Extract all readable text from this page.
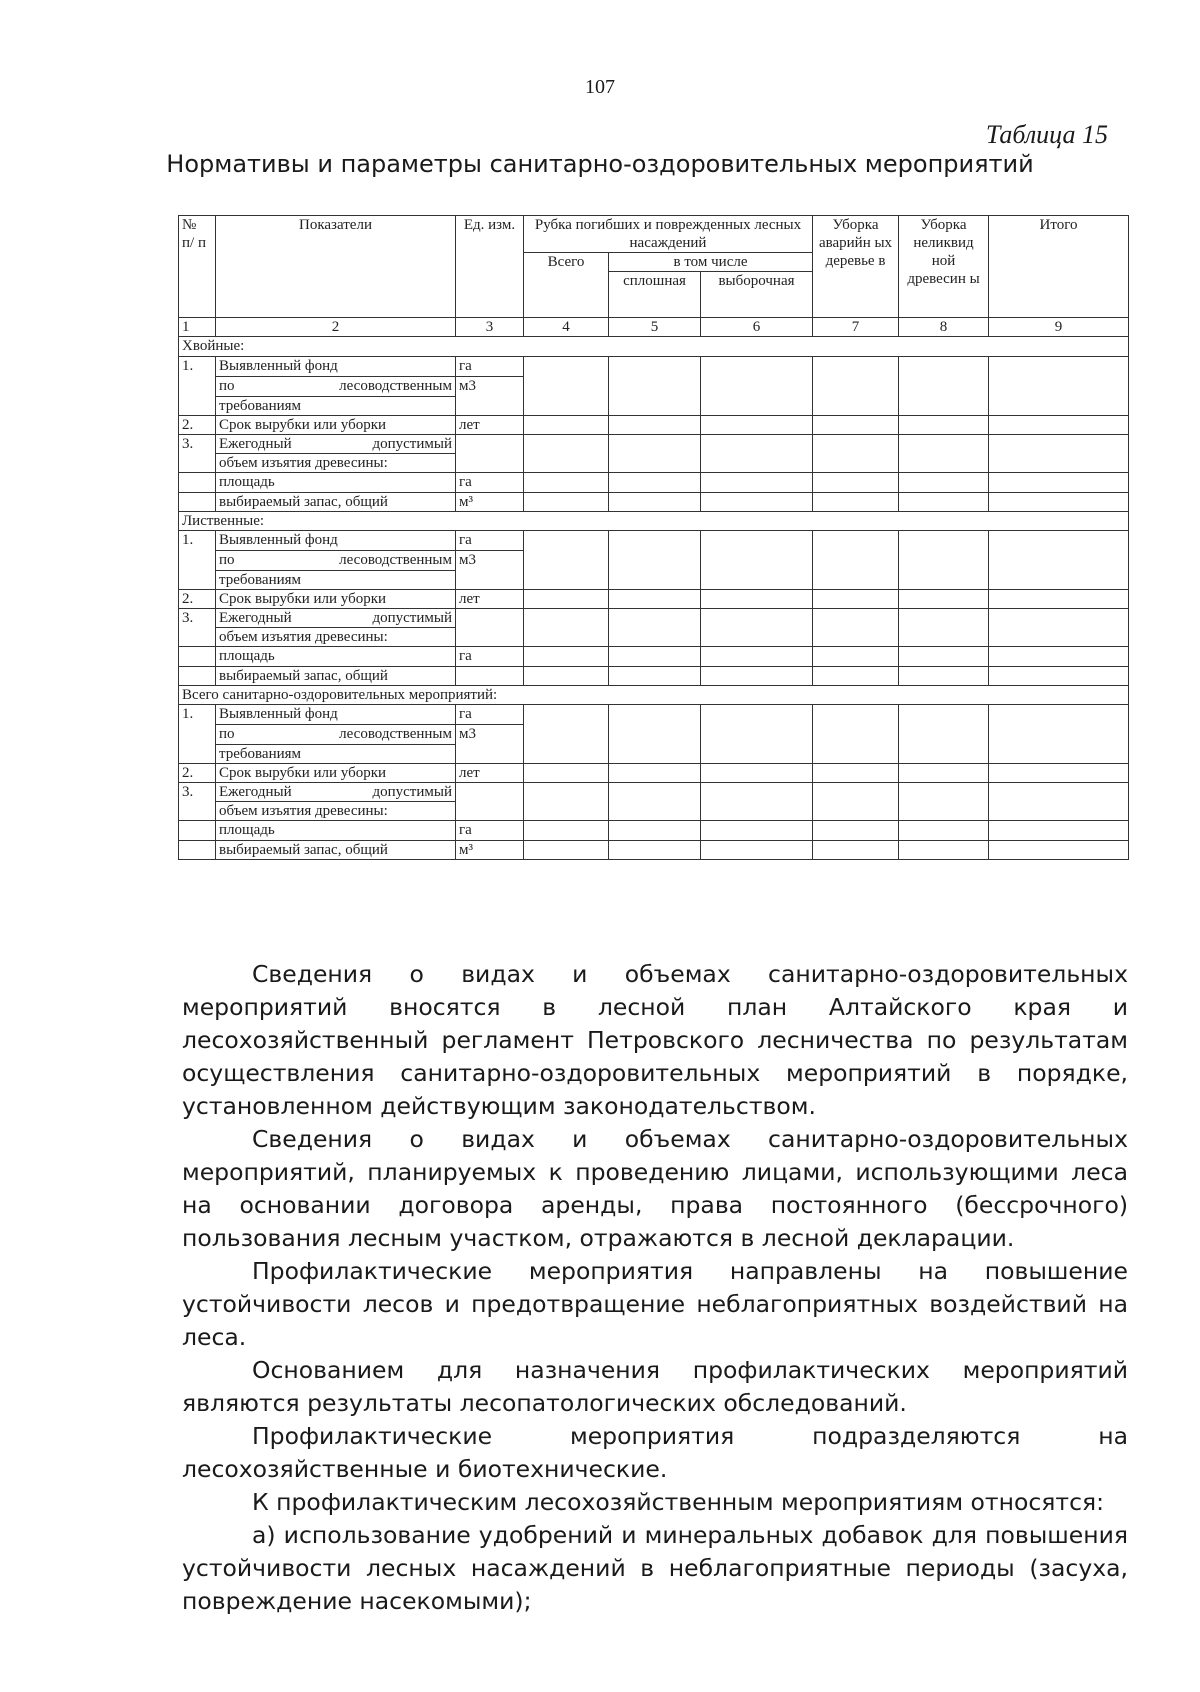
107
Таблица 15
Нормативы и параметры санитарно-оздоровительных мероприятий
№ п/ п	Показатели	Ед. изм.	Рубка погибших и поврежденных лесных насаждений			Уборка аварийн ых деревье в	Уборка неликвид ной древесин ы	Итого
			Всего	в том числе				
				сплошная	выборочная			
1	2	3	4	5	6	7	8	9
Хвойные:								
1.	Выявленный фонд	га						
	по лесоводственным	м3						
	требованиям							
2.	Срок вырубки или уборки	лет						
3.	Ежегодный допустимый							
	объем изъятия древесины:							
	площадь	га						
	выбираемый запас, общий	м³						
Лиственные:								
1.	Выявленный фонд	га						
	по лесоводственным	м3						
	требованиям							
2.	Срок вырубки или уборки	лет						
3.	Ежегодный допустимый							
	объем изъятия древесины:							
	площадь	га						
	выбираемый запас, общий							
Всего санитарно-оздоровительных мероприятий:								
1.	Выявленный фонд	га						
	по лесоводственным	м3						
	требованиям							
2.	Срок вырубки или уборки	лет						
3.	Ежегодный допустимый							
	объем изъятия древесины:							
	площадь	га						
	выбираемый запас, общий	м³						

Сведения о видах и объемах санитарно-оздоровительных мероприятий вносятся в лесной план Алтайского края и лесохозяйственный регламент Петровского лесничества по результатам осуществления санитарно-оздоровительных мероприятий в порядке, установленном действующим законодательством.

Сведения о видах и объемах санитарно-оздоровительных мероприятий, планируемых к проведению лицами, использующими леса на основании договора аренды, права постоянного (бессрочного) пользования лесным участком, отражаются в лесной декларации.

Профилактические мероприятия направлены на повышение устойчивости лесов и предотвращение неблагоприятных воздействий на леса.

Основанием для назначения профилактических мероприятий являются результаты лесопатологических обследований.

Профилактические мероприятия подразделяются на лесохозяйственные и биотехнические.

К профилактическим лесохозяйственным мероприятиям относятся:

а) использование удобрений и минеральных добавок для повышения устойчивости лесных насаждений в неблагоприятные периоды (засуха, повреждение насекомыми);
